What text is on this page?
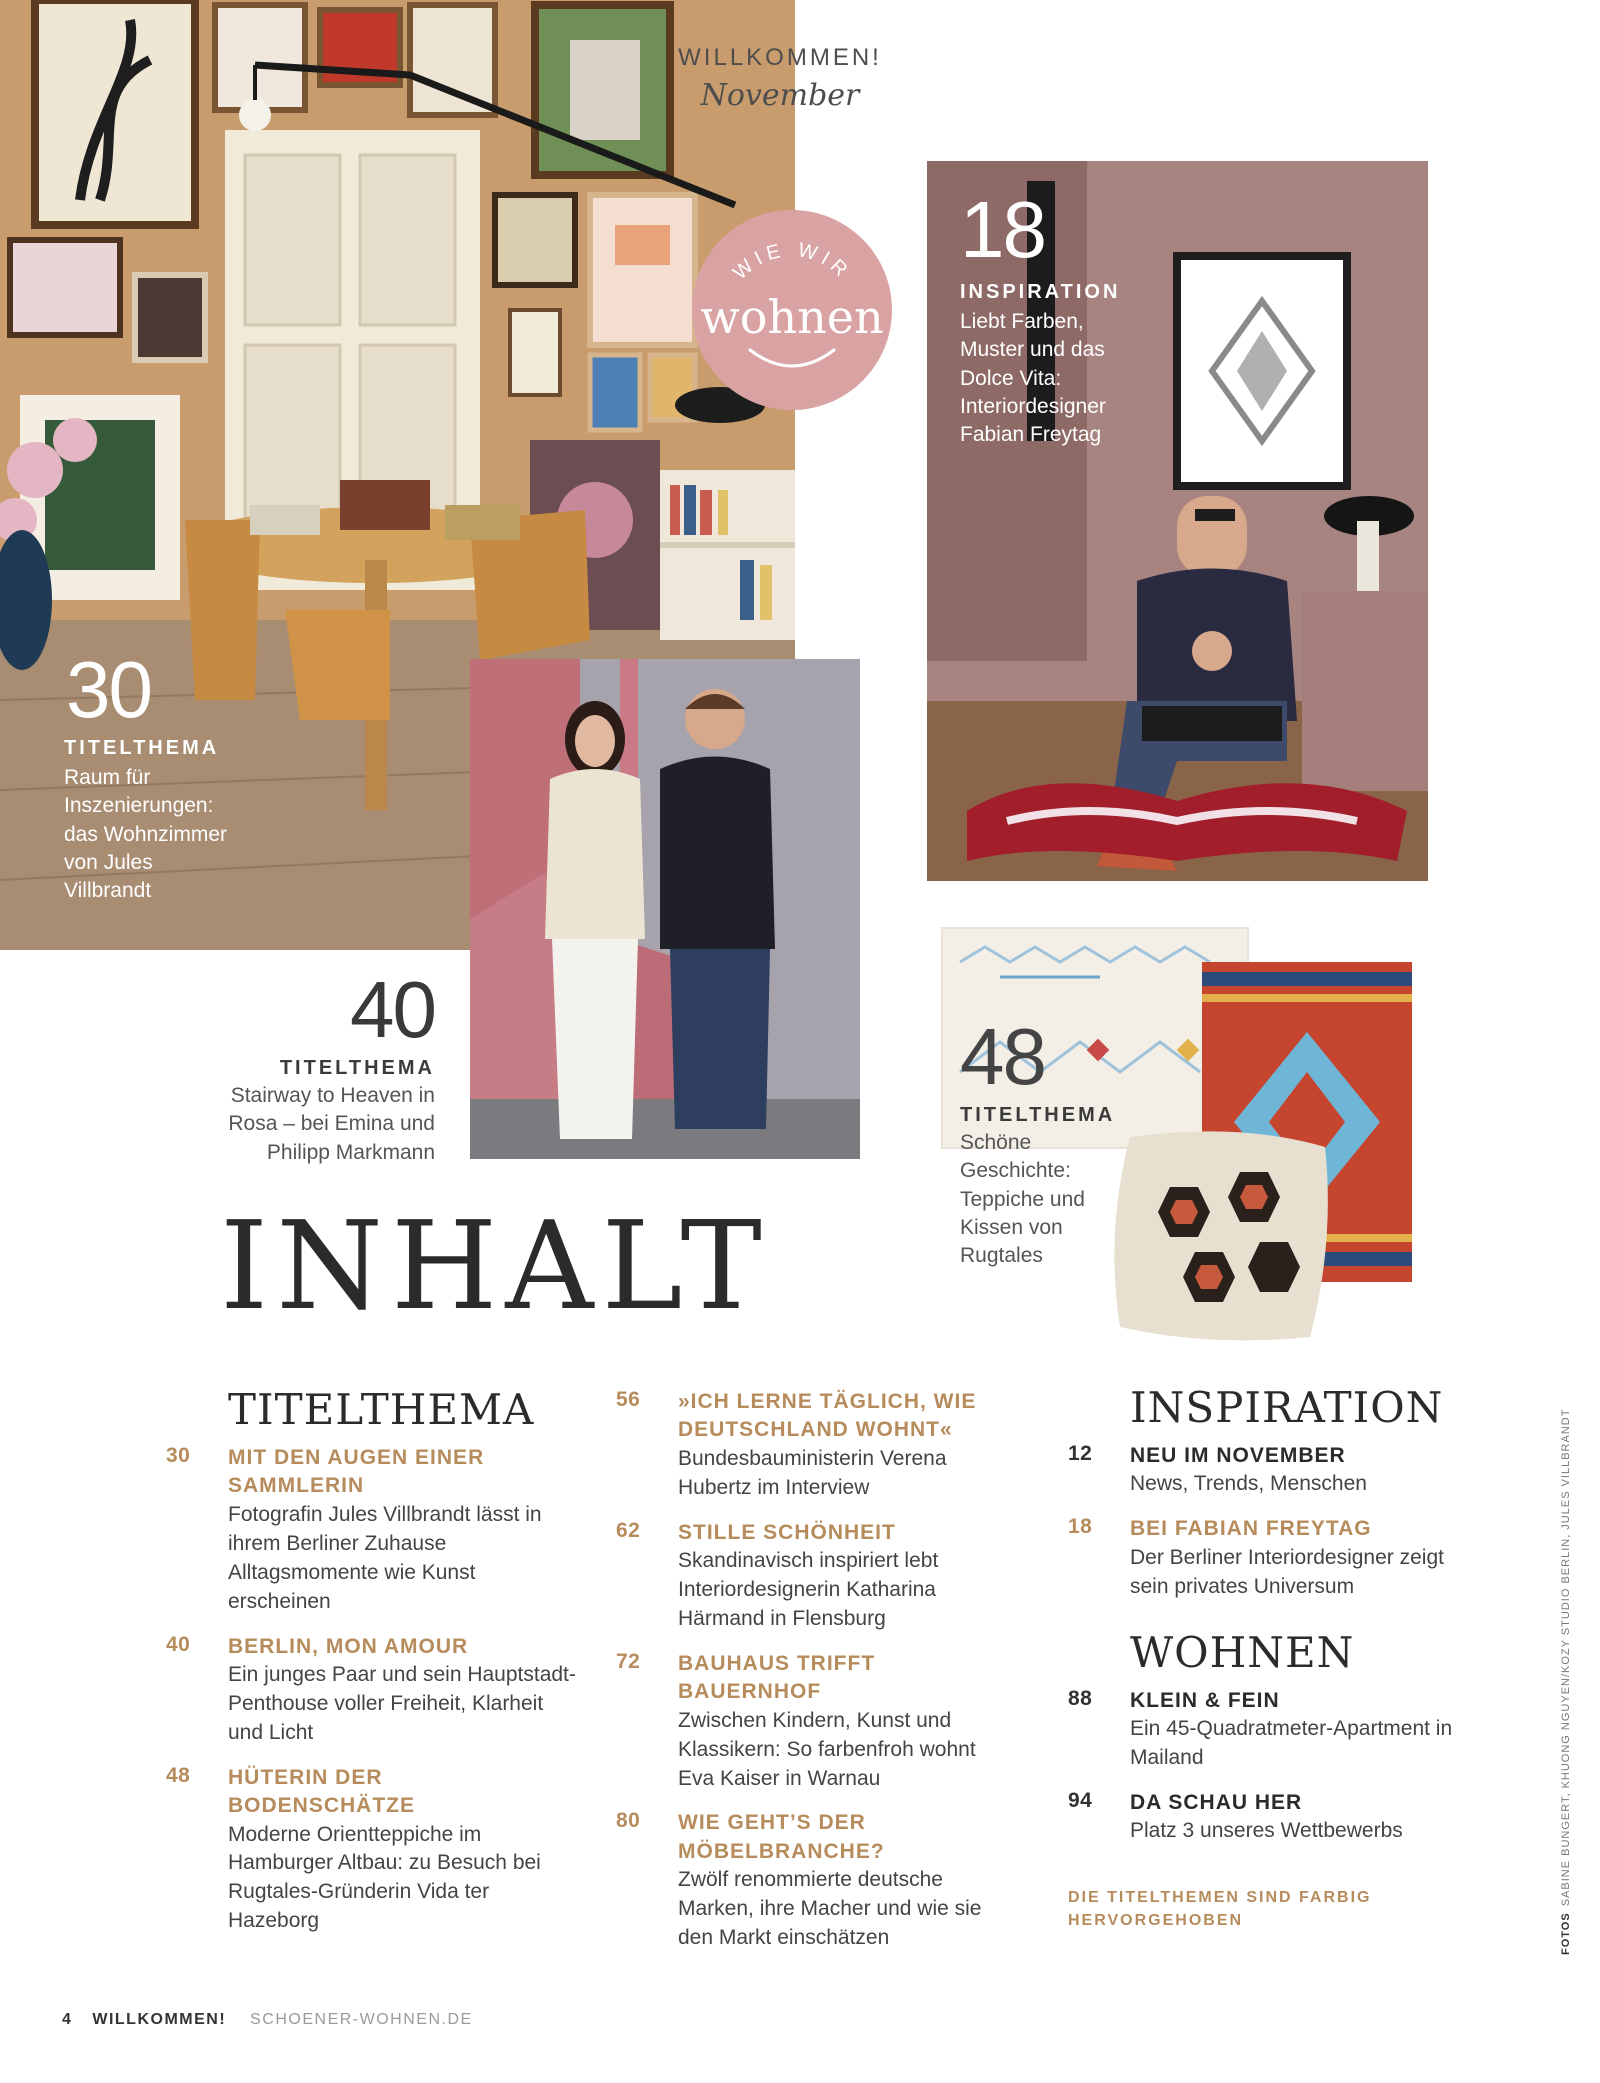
WILLKOMMEN!
November
WIE WIR
wohnen
30
TITELTHEMA
Raum für Inszenierungen: das Wohnzimmer von Jules Villbrandt
18
INSPIRATION
Liebt Farben, Muster und das Dolce Vita: Interiordesigner Fabian Freytag
40
TITELTHEMA
Stairway to Heaven in Rosa – bei Emina und Philipp Markmann
48
TITELTHEMA
Schöne Geschichte: Teppiche und Kissen von Rugtales
INHALT
TITELTHEMA
30	MIT DEN AUGEN EINER SAMMLERIN
Fotografin Jules Villbrandt lässt in ihrem Berliner Zuhause Alltagsmomente wie Kunst erscheinen
40	BERLIN, MON AMOUR
Ein junges Paar und sein Hauptstadt-Penthouse voller Freiheit, Klarheit und Licht
48	HÜTERIN DER BODENSCHÄTZE
Moderne Orientteppiche im Hamburger Altbau: zu Besuch bei Rugtales-Gründerin Vida ter Hazeborg
56	»ICH LERNE TÄGLICH, WIE DEUTSCHLAND WOHNT«
Bundesbauministerin Verena Hubertz im Interview
62	STILLE SCHÖNHEIT
Skandinavisch inspiriert lebt Interiordesignerin Katharina Härmand in Flensburg
72	BAUHAUS TRIFFT BAUERNHOF
Zwischen Kindern, Kunst und Klassikern: So farbenfroh wohnt Eva Kaiser in Warnau
80	WIE GEHT’S DER MÖBELBRANCHE?
Zwölf renommierte deutsche Marken, ihre Macher und wie sie den Markt einschätzen
INSPIRATION
12	NEU IM NOVEMBER
News, Trends, Menschen
18	BEI FABIAN FREYTAG
Der Berliner Interiordesigner zeigt sein privates Universum
WOHNEN
88	KLEIN & FEIN
Ein 45-Quadratmeter-Apartment in Mailand
94	DA SCHAU HER
Platz 3 unseres Wettbewerbs
DIE TITELTHEMEN SIND FARBIG HERVORGEHOBEN	FOTOSSABINE BUNGERT, KHUONG NGUYEN/KOZY STUDIO BERLIN, JULES VILLBRANDT
4 WILLKOMMEN! SCHOENER-WOHNEN.DE
